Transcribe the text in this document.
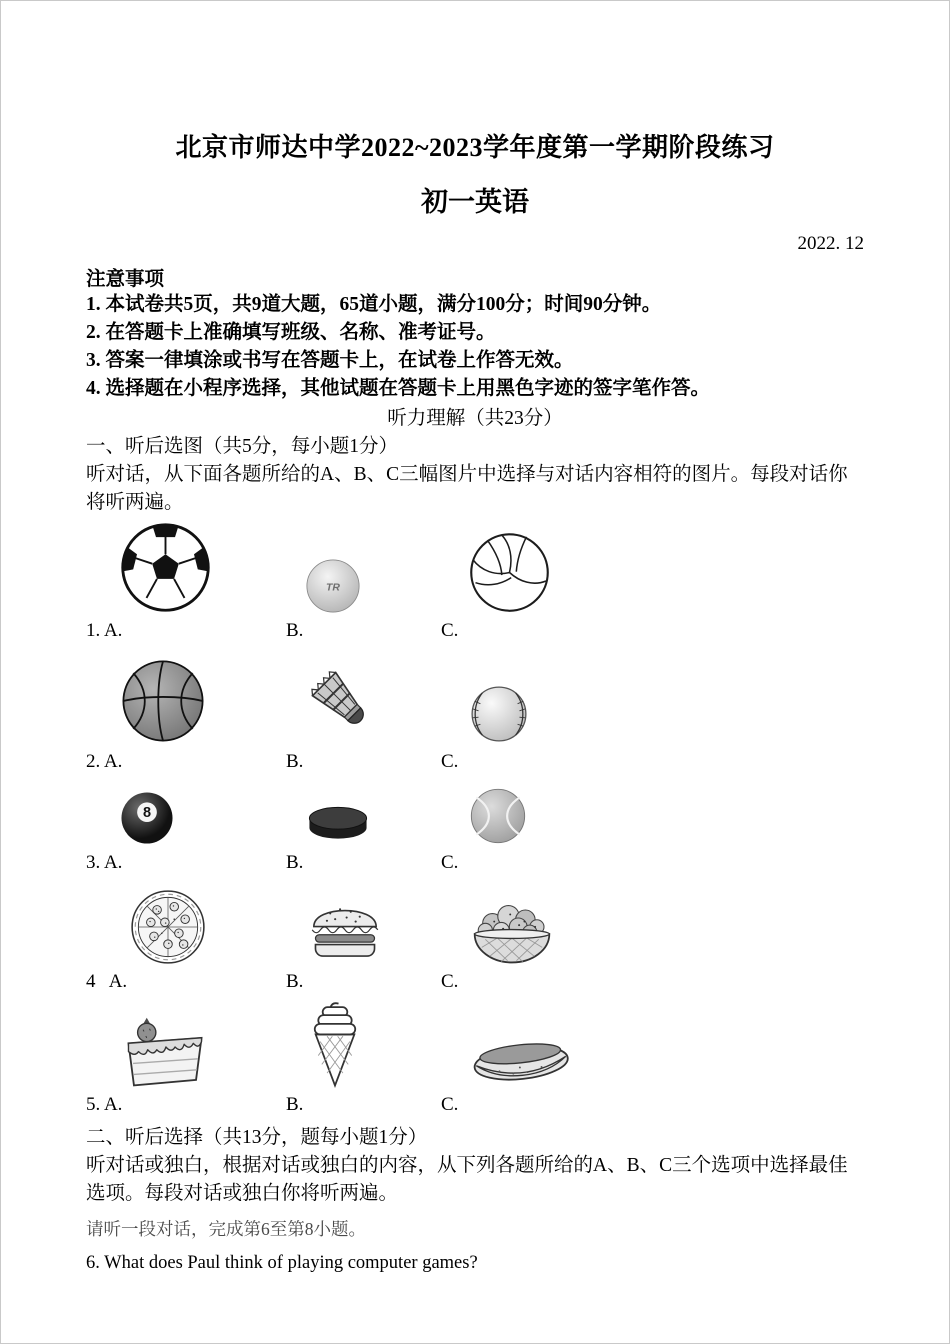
北京市师达中学2022~2023学年度第一学期阶段练习
初一英语
2022. 12
注意事项
1. 本试卷共5页，共9道大题，65道小题，满分100分；时间90分钟。
2. 在答题卡上准确填写班级、名称、准考证号。
3. 答案一律填涂或书写在答题卡上，在试卷上作答无效。
4. 选择题在小程序选择，其他试题在答题卡上用黑色字迹的签字笔作答。
听力理解（共23分）
一、听后选图（共5分，每小题1分）
听对话，从下面各题所给的A、B、C三幅图片中选择与对话内容相符的图片。每段对话你将听两遍。
1. A.
TR
B.	C.
2. A.	B.	C.
8
3. A.	B.	C.
4   A.	B.	C.
5. A.	B.	C.
二、听后选择（共13分，题每小题1分）
听对话或独白，根据对话或独白的内容，从下列各题所给的A、B、C三个选项中选择最佳选项。每段对话或独白你将听两遍。
请听一段对话，完成第6至第8小题。
6. What does Paul think of playing computer games?
